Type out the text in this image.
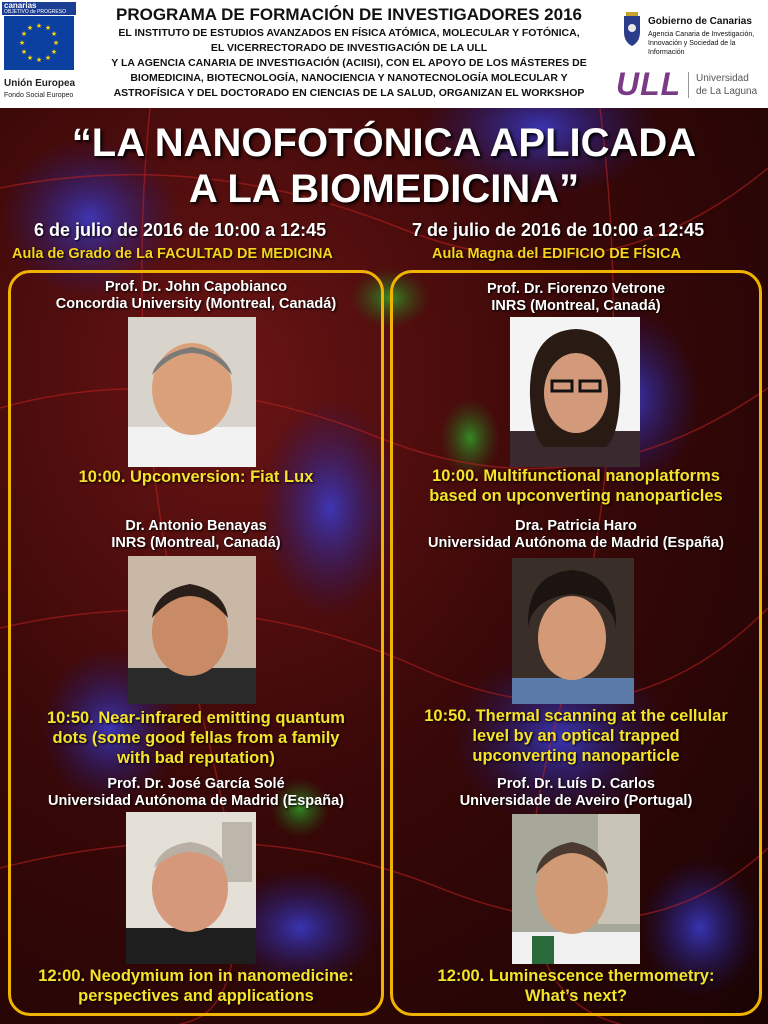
canarias
OBJETIVO de PROGRESO
★ ★
★
★
★
★
★
★
★
★
★
★
Unión Europea
Fondo Social Europeo
PROGRAMA DE FORMACIÓN DE INVESTIGADORES 2016
EL INSTITUTO DE ESTUDIOS AVANZADOS EN FÍSICA ATÓMICA, MOLECULAR Y FOTÓNICA,
EL VICERRECTORADO DE INVESTIGACIÓN DE LA ULL
Y LA AGENCIA CANARIA DE INVESTIGACIÓN (ACIISI), CON EL APOYO DE LOS MÁSTERES DE
BIOMEDICINA, BIOTECNOLOGÍA, NANOCIENCIA Y NANOTECNOLOGÍA MOLECULAR Y
ASTROFÍSICA Y DEL DOCTORADO EN CIENCIAS DE LA SALUD, ORGANIZAN EL WORKSHOP
Gobierno de Canarias
Agencia Canaria de Investigación, Innovación y Sociedad de la Información
ULL Universidad
de La Laguna
“LA NANOFOTÓNICA APLICADA
A LA BIOMEDICINA”
6 de julio de 2016 de 10:00 a 12:45	7 de julio de 2016 de 10:00 a 12:45
Aula de Grado de La FACULTAD DE MEDICINA	Aula Magna del EDIFICIO DE FÍSICA
Prof. Dr. John Capobianco
Concordia University (Montreal, Canadá)
10:00. Upconversion: Fiat Lux
Dr. Antonio Benayas
INRS (Montreal, Canadá)
10:50. Near-infrared emitting quantum
dots (some good fellas from a family
with bad reputation)
Prof. Dr. José García Solé
Universidad Autónoma de Madrid (España)
12:00. Neodymium ion in nanomedicine:
perspectives and applications
Prof. Dr. Fiorenzo Vetrone
INRS (Montreal, Canadá)
10:00. Multifunctional nanoplatforms
based on upconverting nanoparticles
Dra. Patricia Haro
Universidad Autónoma de Madrid (España)
10:50. Thermal scanning at the cellular
level by an optical trapped
upconverting nanoparticle
Prof. Dr. Luís D. Carlos
Universidade de Aveiro (Portugal)
12:00. Luminescence thermometry:
What’s next?
